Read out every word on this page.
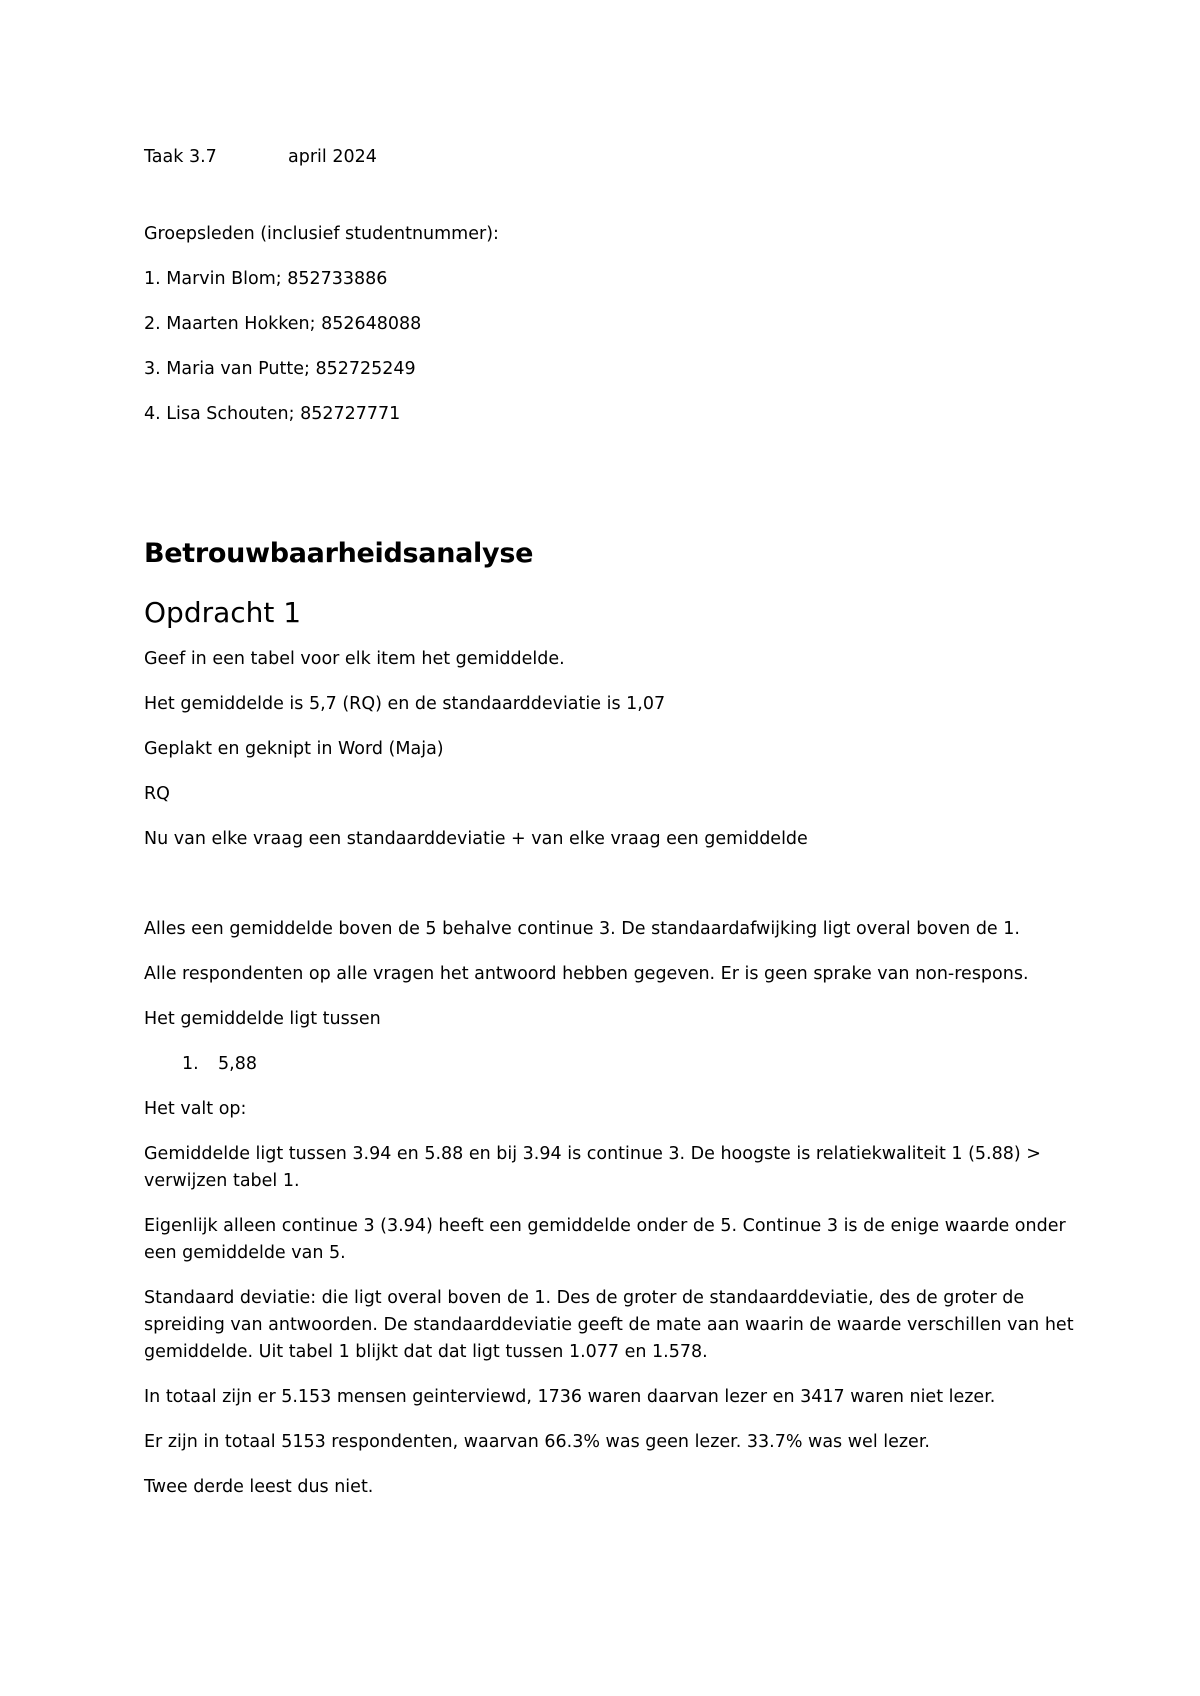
Taak 3.7	april 2024

Groepsleden (inclusief studentnummer):

1. Marvin Blom; 852733886

2. Maarten Hokken; 852648088

3. Maria van Putte; 852725249

4. Lisa Schouten; 852727771

Betrouwbaarheidsanalyse
Opdracht 1

Geef in een tabel voor elk item het gemiddelde.

Het gemiddelde is 5,7 (RQ) en de standaarddeviatie is 1,07

Geplakt en geknipt in Word (Maja)

RQ

Nu van elke vraag een standaarddeviatie + van elke vraag een gemiddelde

Alles een gemiddelde boven de 5 behalve continue 3. De standaardafwijking ligt overal boven de 1.

Alle respondenten op alle vragen het antwoord hebben gegeven. Er is geen sprake van non-respons.

Het gemiddelde ligt tussen

1.	5,88

Het valt op:

Gemiddelde ligt tussen 3.94 en 5.88 en bij 3.94 is continue 3. De hoogste is relatiekwaliteit 1 (5.88) > verwijzen tabel 1.

Eigenlijk alleen continue 3 (3.94) heeft een gemiddelde onder de 5. Continue 3 is de enige waarde onder een gemiddelde van 5.

Standaard deviatie: die ligt overal boven de 1. Des de groter de standaarddeviatie, des de groter de spreiding van antwoorden. De standaarddeviatie geeft de mate aan waarin de waarde verschillen van het gemiddelde. Uit tabel 1 blijkt dat dat ligt tussen 1.077 en 1.578.

In totaal zijn er 5.153 mensen geinterviewd, 1736 waren daarvan lezer en 3417 waren niet lezer.

Er zijn in totaal 5153 respondenten, waarvan 66.3% was geen lezer. 33.7% was wel lezer.

Twee derde leest dus niet.
